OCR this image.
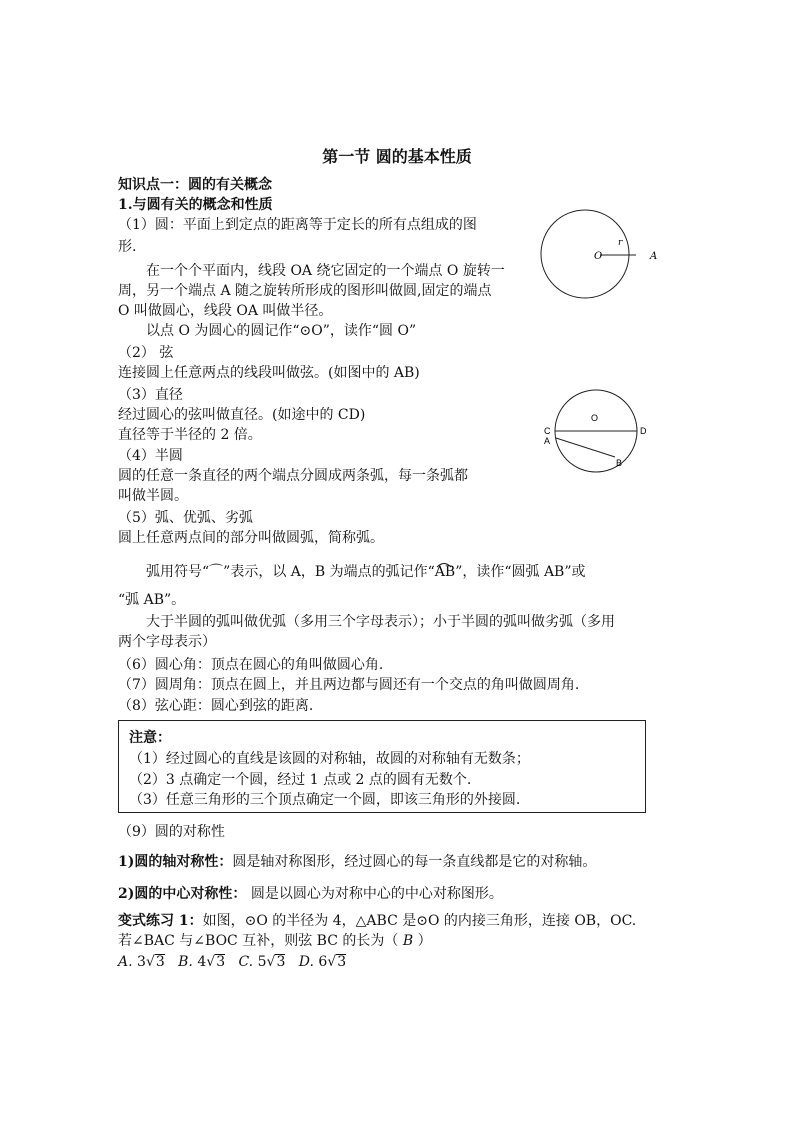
第一节 圆的基本性质
知识点一：圆的有关概念
1.与圆有关的概念和性质
（1）圆：平面上到定点的距离等于定长的所有点组成的图
形.
在一个个平面内，线段 OA 绕它固定的一个端点 O 旋转一
周，另一个端点 A 随之旋转所形成的图形叫做圆,固定的端点
O 叫做圆心，线段 OA 叫做半径。
以点 O 为圆心的圆记作“⊙O”，读作“圆 O”
（2） 弦
连接圆上任意两点的线段叫做弦。(如图中的 AB)
（3）直径
经过圆心的弦叫做直径。(如途中的 CD)
直径等于半径的 2 倍。
（4）半圆
圆的任意一条直径的两个端点分圆成两条弧，每一条弧都
叫做半圆。
（5）弧、优弧、劣弧
圆上任意两点间的部分叫做圆弧，简称弧。
弧用符号“⌒”表示，以 A，B 为端点的弧记作“
AB”，读作“圆弧 AB”或
“弧 AB”。
大于半圆的弧叫做优弧（多用三个字母表示）；小于半圆的弧叫做劣弧（多用
两个字母表示）
（6）圆心角：顶点在圆心的角叫做圆心角.
（7）圆周角：顶点在圆上，并且两边都与圆还有一个交点的角叫做圆周角.
（8）弦心距：圆心到弦的距离.
注意：
（1）经过圆心的直线是该圆的对称轴，故圆的对称轴有无数条；
（2）3 点确定一个圆，经过 1 点或 2 点的圆有无数个.
（3）任意三角形的三个顶点确定一个圆，即该三角形的外接圆.
（9）圆的对称性
1)圆的轴对称性：圆是轴对称图形，经过圆心的每一条直线都是它的对称轴。
2)圆的中心对称性： 圆是以圆心为对称中心的中心对称图形。
变式练习 1：如图，⊙O 的半径为 4，△ABC 是⊙O 的内接三角形，连接 OB，OC.
若∠BAC 与∠BOC 互补，则弦 BC 的长为（ B ）
A. 3√3 B. 4√3 C. 5√3 D. 6√3
O
r
A
O
C
A
D
B
